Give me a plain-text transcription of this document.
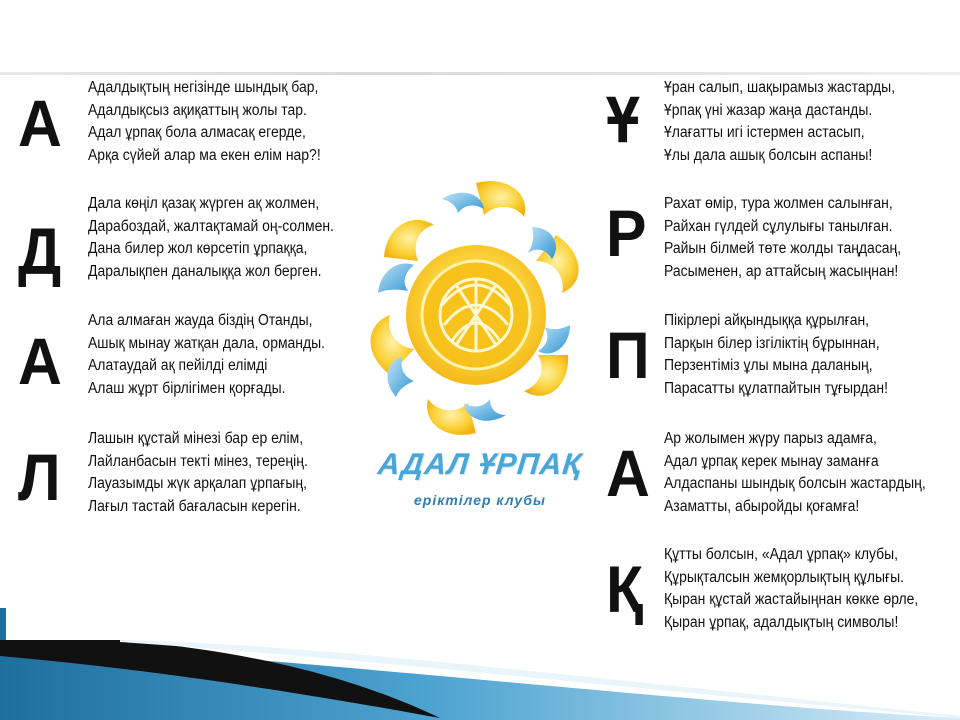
А
Д
А
Л
Адалдықтың негізінде шындық бар,
Адалдықсыз ақиқаттың жолы тар.
Адал ұрпақ бола алмасақ егерде,
Арқа сүйей алар ма екен елім нар?!
Дала көңіл қазақ жүрген ақ жолмен,
Дарабоздай, жалтақтамай оң-солмен.
Дана билер жол көрсетіп ұрпаққа,
Даралықпен даналыққа жол берген.
Ала алмаған жауда біздің Отанды,
Ашық мынау жатқан дала, орманды.
Алатаудай ақ пейілді елімді
Алаш жұрт бірлігімен қорғады.
Лашын құстай мінезі бар ер елім,
Лайланбасын текті мінез, тереңің.
Лауазымды жүк арқалап ұрпағың,
Лағыл тастай бағаласын керегін.
АДАЛ ҰРПАҚ
еріктілер клубы
Ұ
Р
П
А
Қ
Ұран салып, шақырамыз жастарды,
Ұрпақ үні жазар жаңа дастанды.
Ұлағатты игі істермен астасып,
Ұлы дала ашық болсын аспаны!
Рахат өмір, тура жолмен салынған,
Райхан гүлдей сұлулығы танылған.
Райын білмей төте жолды таңдасаң,
Расыменен, ар аттайсың жасыңнан!
Пікірлері айқындыққа құрылған,
Парқын білер ізгіліктің бұрыннан,
Перзентіміз ұлы мына даланың,
Парасатты құлатпайтын тұғырдан!
Ар жолымен жүру парыз адамға,
Адал ұрпақ керек мынау заманға
Алдаспаны шындық болсын жастардың,
Азаматты, абыройды қоғамға!
Құтты болсын, «Адал ұрпақ» клубы,
Құрықталсын жемқорлықтың құлығы.
Қыран құстай жастайыңнан көкке өрле,
Қыран ұрпақ, адалдықтың символы!
